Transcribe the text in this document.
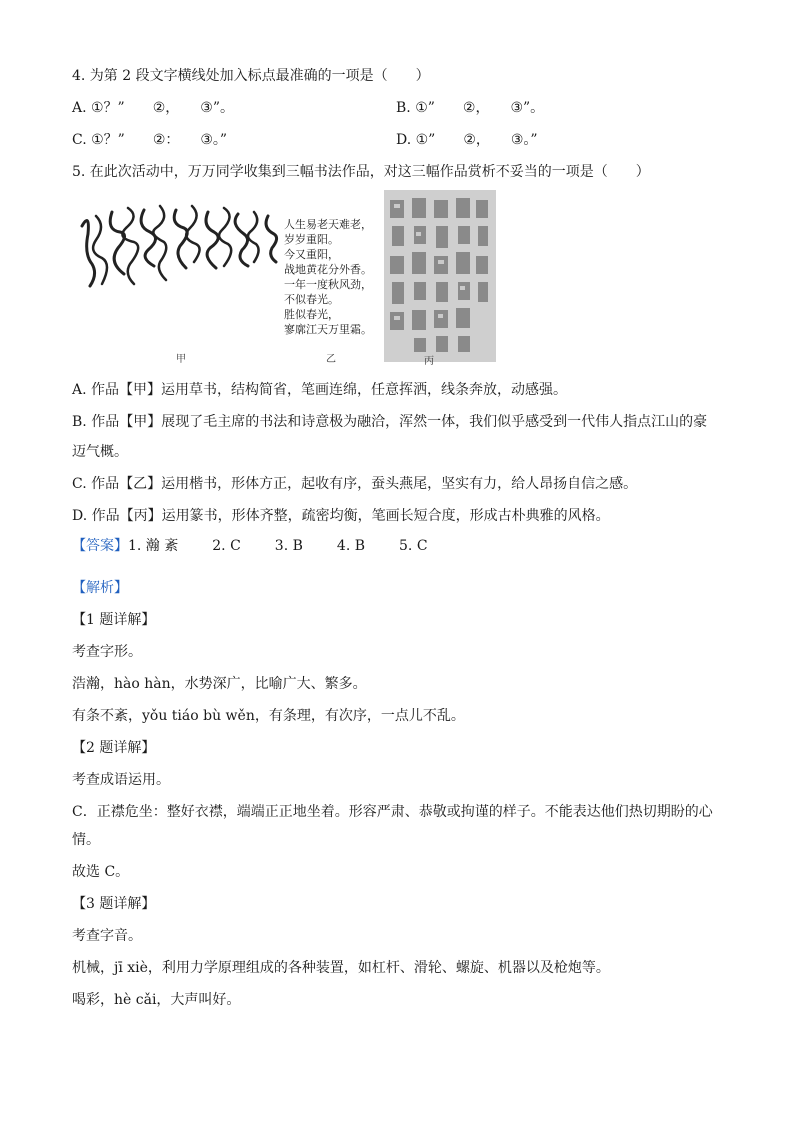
4. 为第 2 段文字横线处加入标点最准确的一项是（　　）
A. ①？”　　②，　　③”。	B. ①”　　②，　　③”。
C. ①？”　　②：　　③。”	D. ①”　　②，　　③。”
5. 在此次活动中，万万同学收集到三幅书法作品，对这三幅作品赏析不妥当的一项是（　　）
人生易老天难老，
岁岁重阳。
今又重阳，
战地黄花分外香。
一年一度秋风劲，
不似春光。
胜似春光，
寥廓江天万里霜。
甲	乙	丙
A. 作品【甲】运用草书，结构简省，笔画连绵，任意挥洒，线条奔放，动感强。
B. 作品【甲】展现了毛主席的书法和诗意极为融洽，浑然一体，我们似乎感受到一代伟人指点江山的豪
迈气概。
C. 作品【乙】运用楷书，形体方正，起收有序，蚕头燕尾，坚实有力，给人昂扬自信之感。
D. 作品【丙】运用篆书，形体齐整，疏密均衡，笔画长短合度，形成古朴典雅的风格。
【答案】1. 瀚 紊 2. C 3. B 4. B 5. C
【解析】
【1 题详解】
考查字形。
浩瀚，hào hàn，水势深广，比喻广大、繁多。
有条不紊，yǒu tiáo bù wěn，有条理，有次序，一点儿不乱。
【2 题详解】
考查成语运用。
C．正襟危坐：整好衣襟，端端正正地坐着。形容严肃、恭敬或拘谨的样子。不能表达他们热切期盼的心
情。
故选 C。
【3 题详解】
考查字音。
机械，jī xiè，利用力学原理组成的各种装置，如杠杆、滑轮、螺旋、机器以及枪炮等。
喝彩，hè cǎi，大声叫好。
